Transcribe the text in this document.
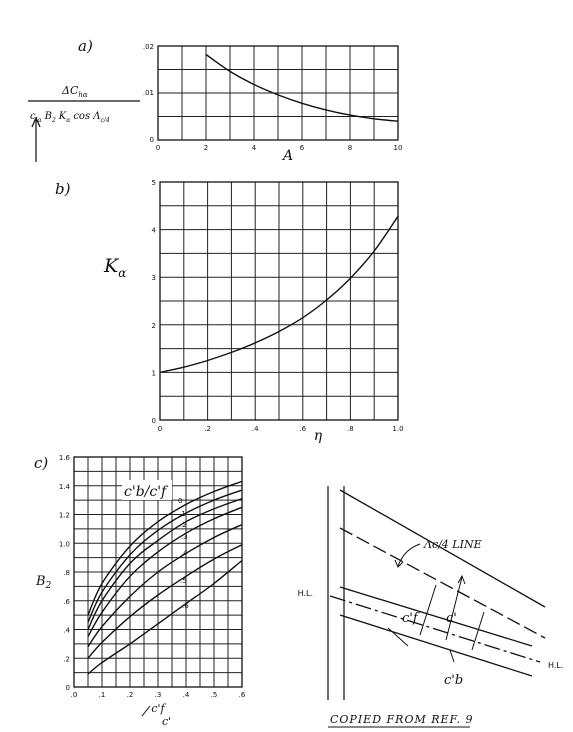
a)
$\Delta C_{h\alpha}$
$c_{l\alpha}$ $B_2$ $K_\alpha$ $\cos \Lambda_{c/4}$
0	2	4	6	8	10
0
.01
.02
A
b)
$K_\alpha$
0	.2	.4	.6	.8	1.0
0
1
2
3
4
5
η
c)
$B_2$
c'b/c'f
0
.1
.2
.3
.4
.5
.6
.0	.1	.2	.3	.4	.5	.6
0
.2
.4
.6
.8
1.0
1.2
1.4
1.6
c'f
c'
Λc/4 LINE
H.L.
H.L.
c'
c'f
c'b
COPIED FROM REF. 9
